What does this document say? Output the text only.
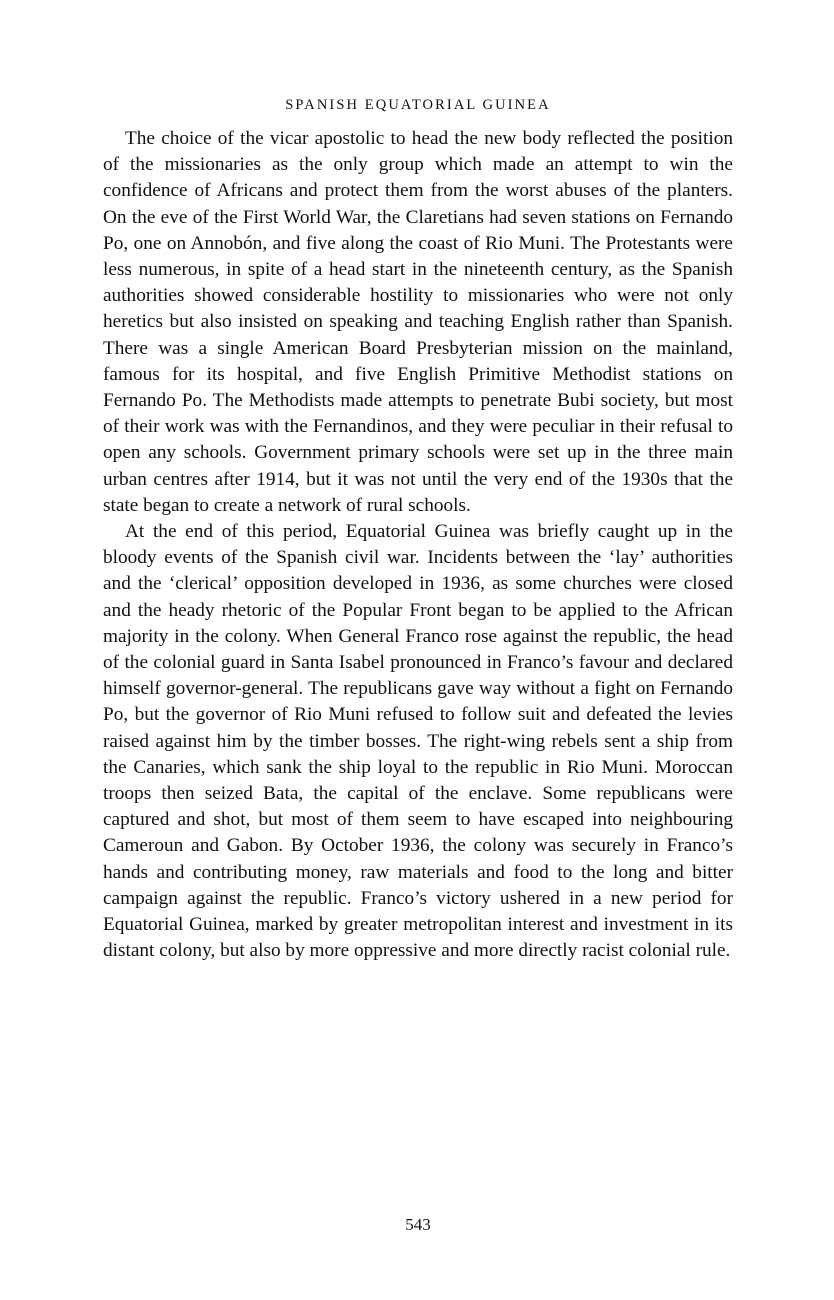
SPANISH EQUATORIAL GUINEA

The choice of the vicar apostolic to head the new body reflected the position of the missionaries as the only group which made an attempt to win the confidence of Africans and protect them from the worst abuses of the planters. On the eve of the First World War, the Claretians had seven stations on Fernando Po, one on Annobón, and five along the coast of Rio Muni. The Protestants were less numerous, in spite of a head start in the nineteenth century, as the Spanish authorities showed considerable hostility to missionaries who were not only heretics but also insisted on speaking and teaching English rather than Spanish. There was a single American Board Presbyterian mission on the mainland, famous for its hospital, and five English Primitive Methodist stations on Fernando Po. The Methodists made attempts to penetrate Bubi society, but most of their work was with the Fernandinos, and they were peculiar in their refusal to open any schools. Government primary schools were set up in the three main urban centres after 1914, but it was not until the very end of the 1930s that the state began to create a network of rural schools.

At the end of this period, Equatorial Guinea was briefly caught up in the bloody events of the Spanish civil war. Incidents between the ‘lay’ authorities and the ‘clerical’ opposition developed in 1936, as some churches were closed and the heady rhetoric of the Popular Front began to be applied to the African majority in the colony. When General Franco rose against the republic, the head of the colonial guard in Santa Isabel pronounced in Franco’s favour and declared himself governor-general. The republicans gave way without a fight on Fernando Po, but the governor of Rio Muni refused to follow suit and defeated the levies raised against him by the timber bosses. The right-wing rebels sent a ship from the Canaries, which sank the ship loyal to the republic in Rio Muni. Moroccan troops then seized Bata, the capital of the enclave. Some republicans were captured and shot, but most of them seem to have escaped into neighbouring Cameroun and Gabon. By October 1936, the colony was securely in Franco’s hands and contributing money, raw materials and food to the long and bitter campaign against the republic. Franco’s victory ushered in a new period for Equatorial Guinea, marked by greater metropolitan interest and investment in its distant colony, but also by more oppressive and more directly racist colonial rule.

543
